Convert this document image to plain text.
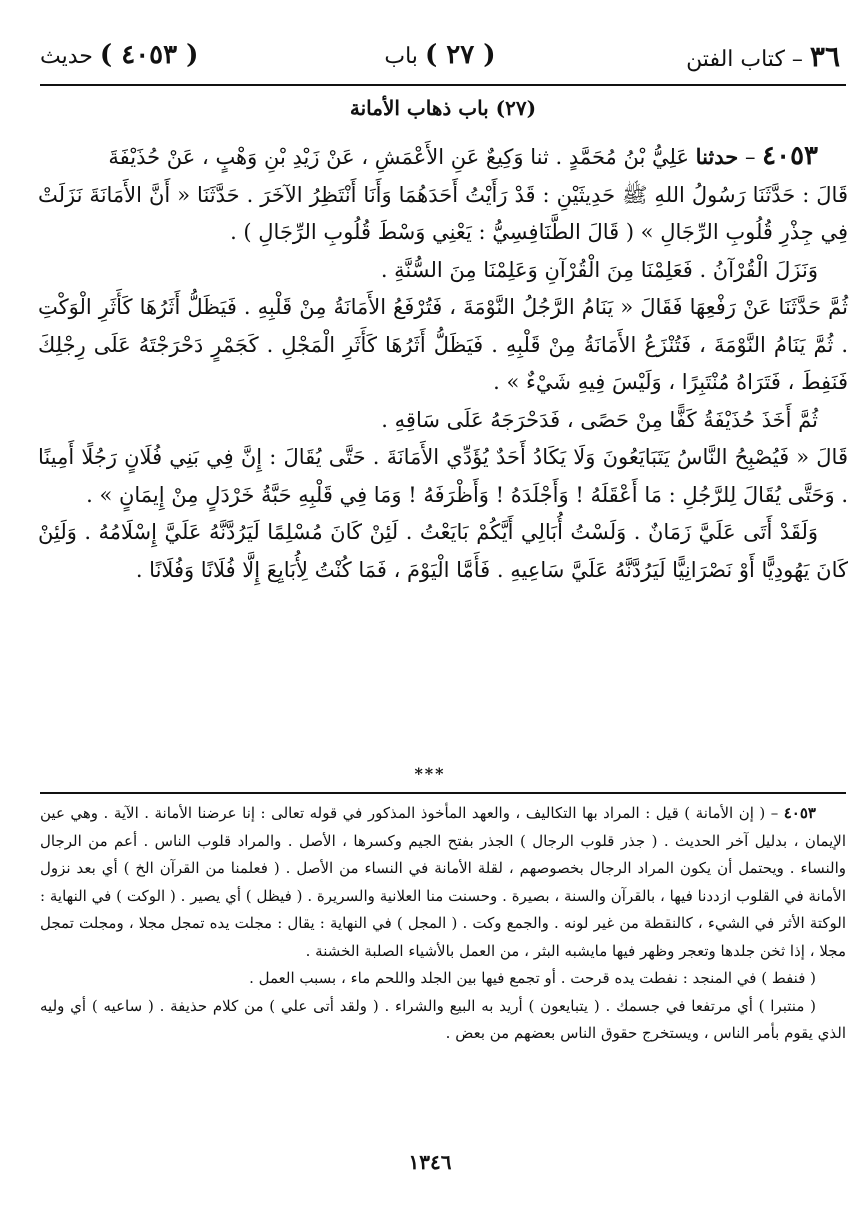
٣٦ – كتاب الفتن
( ٢٧ ) باب
( ٤٠٥٣ ) حديث
(٢٧) باب ذهاب الأمانة

٤٠٥٣ – حدثنا عَلِيُّ بْنُ مُحَمَّدٍ . ثنا وَكِيعٌ عَنِ الأَعْمَشِ ، عَنْ زَيْدِ بْنِ وَهْبٍ ، عَنْ حُذَيْفَةَ

قَالَ : حَدَّثَنَا رَسُولُ اللهِ ﷺ حَدِيثَيْنِ : قَدْ رَأَيْتُ أَحَدَهُمَا وَأَنَا أَنْتَظِرُ الآخَرَ . حَدَّثَنَا « أَنَّ الأَمَانَةَ نَزَلَتْ فِي جِذْرِ قُلُوبِ الرِّجَالِ » ( قَالَ الطَّنَافِسِيُّ : يَعْنِي وَسْطَ قُلُوبِ الرِّجَالِ ) .

وَنَزَلَ الْقُرْآنُ . فَعَلِمْنَا مِنَ الْقُرْآنِ وَعَلِمْنَا مِنَ السُّنَّةِ .

ثُمَّ حَدَّثَنَا عَنْ رَفْعِهَا فَقَالَ « يَنَامُ الرَّجُلُ النَّوْمَةَ ، فَتُرْفَعُ الأَمَانَةُ مِنْ قَلْبِهِ . فَيَظَلُّ أَثَرُهَا كَأَثَرِ الْوَكْتِ . ثُمَّ يَنَامُ النَّوْمَةَ ، فَتُنْزَعُ الأَمَانَةُ مِنْ قَلْبِهِ . فَيَظَلُّ أَثَرُهَا كَأَثَرِ الْمَجْلِ . كَجَمْرٍ دَحْرَجْتَهُ عَلَى رِجْلِكَ فَنَفِطَ ، فَتَرَاهُ مُنْتَبِرًا ، وَلَيْسَ فِيهِ شَيْءٌ » .

ثُمَّ أَخَذَ حُذَيْفَةُ كَفًّا مِنْ حَصًى ، فَدَحْرَجَهُ عَلَى سَاقِهِ .

قَالَ « فَيُصْبِحُ النَّاسُ يَتَبَايَعُونَ وَلَا يَكَادُ أَحَدٌ يُؤَدِّي الأَمَانَةَ . حَتَّى يُقَالَ : إِنَّ فِي بَنِي فُلَانٍ رَجُلًا أَمِينًا . وَحَتَّى يُقَالَ لِلرَّجُلِ : مَا أَعْقَلَهُ ! وَأَجْلَدَهُ ! وَأَظْرَفَهُ ! وَمَا فِي قَلْبِهِ حَبَّةُ خَرْدَلٍ مِنْ إِيمَانٍ » .

وَلَقَدْ أَتَى عَلَيَّ زَمَانٌ . وَلَسْتُ أُبَالِي أَيَّكُمْ بَايَعْتُ . لَئِنْ كَانَ مُسْلِمًا لَيَرُدَّنَّهُ عَلَيَّ إِسْلَامُهُ . وَلَئِنْ كَانَ يَهُودِيًّا أَوْ نَصْرَانِيًّا لَيَرُدَّنَّهُ عَلَيَّ سَاعِيهِ . فَأَمَّا الْيَوْمَ ، فَمَا كُنْتُ لِأُبَايِعَ إِلَّا فُلَانًا وَفُلَانًا .

***

٤٠٥٣ – ( إن الأمانة ) قيل : المراد بها التكاليف ، والعهد المأخوذ المذكور في قوله تعالى : إنا عرضنا الأمانة . الآية . وهي عين الإيمان ، بدليل آخر الحديث . ( جذر قلوب الرجال ) الجذر بفتح الجيم وكسرها ، الأصل . والمراد قلوب الناس . أعم من الرجال والنساء . ويحتمل أن يكون المراد الرجال بخصوصهم ، لقلة الأمانة في النساء من الأصل . ( فعلمنا من القرآن الخ ) أي بعد نزول الأمانة في القلوب ازددنا فيها ، بالقرآن والسنة ، بصيرة . وحسنت منا العلانية والسريرة . ( فيظل ) أي يصير . ( الوكت ) في النهاية : الوكتة الأثر في الشيء ، كالنقطة من غير لونه . والجمع وكت . ( المجل ) في النهاية : يقال : مجلت يده تمجل مجلا ، ومجلت تمجل مجلا ، إذا ثخن جلدها وتعجر وظهر فيها مايشبه البثر ، من العمل بالأشياء الصلبة الخشنة .

( فنفط ) في المنجد : نفطت يده قرحت . أو تجمع فيها بين الجلد واللحم ماء ، بسبب العمل .

( منتبرا ) أي مرتفعا في جسمك . ( يتبايعون ) أريد به البيع والشراء . ( ولقد أتى علي ) من كلام حذيفة . ( ساعيه ) أي وليه الذي يقوم بأمر الناس ، ويستخرج حقوق الناس بعضهم من بعض .

١٣٤٦
